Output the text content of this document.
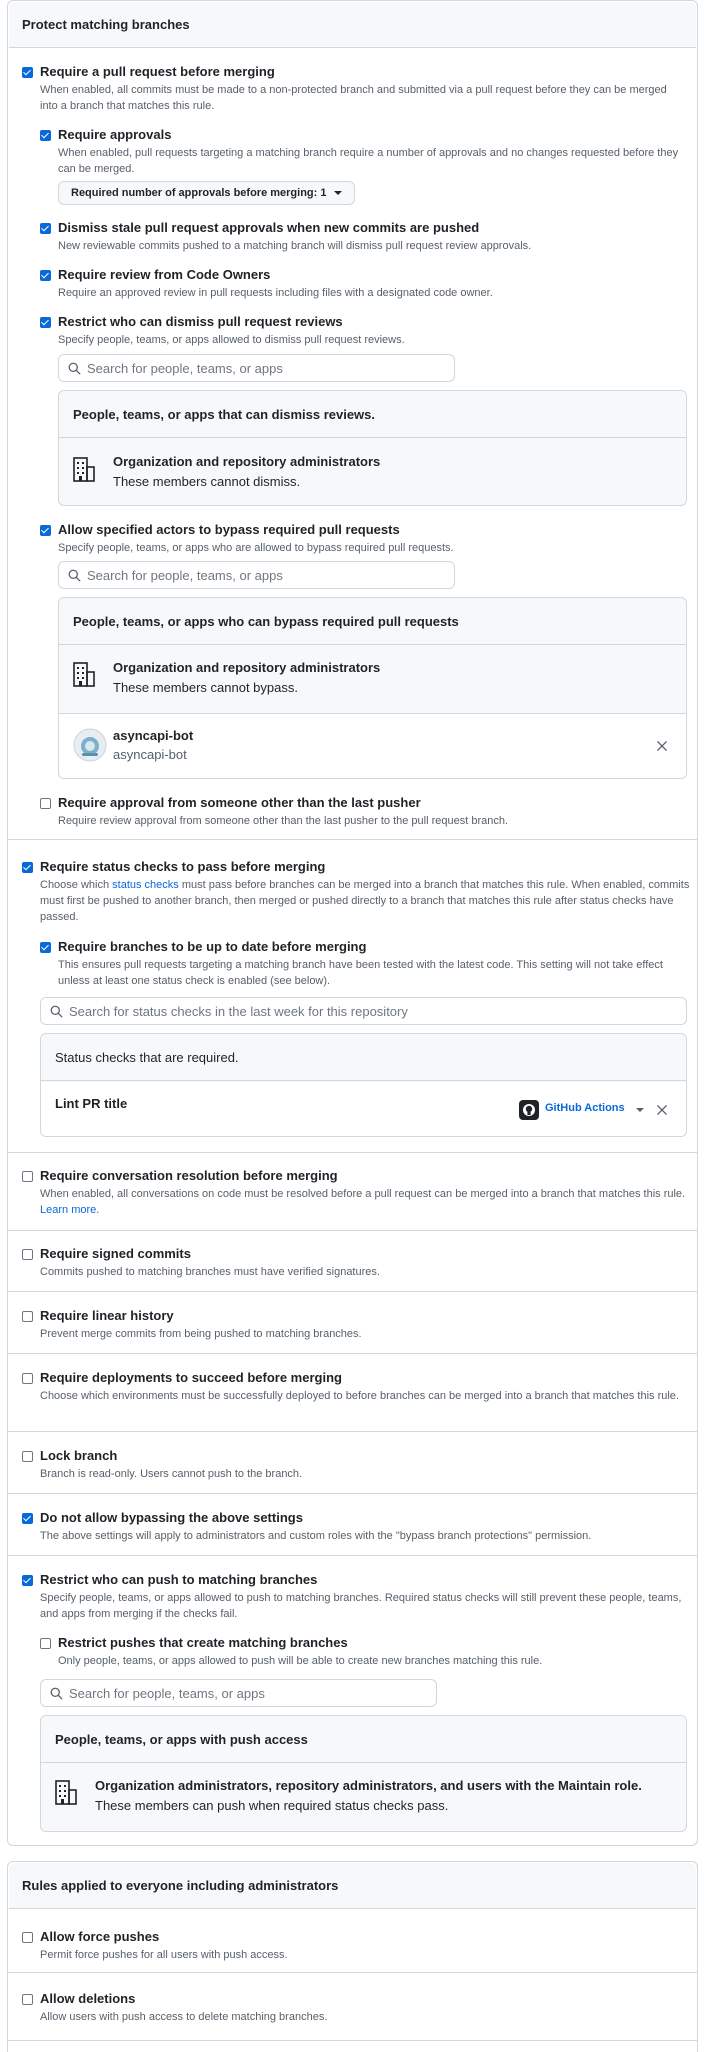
Protect matching branches
Require a pull request before merging
When enabled, all commits must be made to a non-protected branch and submitted via a pull request before they can be merged into a branch that matches this rule.
Require approvals
When enabled, pull requests targeting a matching branch require a number of approvals and no changes requested before they can be merged.
Required number of approvals before merging: 1
Dismiss stale pull request approvals when new commits are pushed
New reviewable commits pushed to a matching branch will dismiss pull request review approvals.
Require review from Code Owners
Require an approved review in pull requests including files with a designated code owner.
Restrict who can dismiss pull request reviews
Specify people, teams, or apps allowed to dismiss pull request reviews.
Search for people, teams, or apps
People, teams, or apps that can dismiss reviews.
Organization and repository administrators
These members cannot dismiss.
Allow specified actors to bypass required pull requests
Specify people, teams, or apps who are allowed to bypass required pull requests.
Search for people, teams, or apps
People, teams, or apps who can bypass required pull requests
Organization and repository administrators
These members cannot bypass.
asyncapi-bot
asyncapi-bot
Require approval from someone other than the last pusher
Require review approval from someone other than the last pusher to the pull request branch.
Require status checks to pass before merging
Choose which status checks must pass before branches can be merged into a branch that matches this rule. When enabled, commits must first be pushed to another branch, then merged or pushed directly to a branch that matches this rule after status checks have passed.
Require branches to be up to date before merging
This ensures pull requests targeting a matching branch have been tested with the latest code. This setting will not take effect unless at least one status check is enabled (see below).
Search for status checks in the last week for this repository
Status checks that are required.
Lint PR title	GitHub Actions
Require conversation resolution before merging
When enabled, all conversations on code must be resolved before a pull request can be merged into a branch that matches this rule. Learn more.
Require signed commits
Commits pushed to matching branches must have verified signatures.
Require linear history
Prevent merge commits from being pushed to matching branches.
Require deployments to succeed before merging
Choose which environments must be successfully deployed to before branches can be merged into a branch that matches this rule.
Lock branch
Branch is read-only. Users cannot push to the branch.
Do not allow bypassing the above settings
The above settings will apply to administrators and custom roles with the "bypass branch protections" permission.
Restrict who can push to matching branches
Specify people, teams, or apps allowed to push to matching branches. Required status checks will still prevent these people, teams, and apps from merging if the checks fail.
Restrict pushes that create matching branches
Only people, teams, or apps allowed to push will be able to create new branches matching this rule.
Search for people, teams, or apps
People, teams, or apps with push access
Organization administrators, repository administrators, and users with the Maintain role.
These members can push when required status checks pass.
Rules applied to everyone including administrators
Allow force pushes
Permit force pushes for all users with push access.
Allow deletions
Allow users with push access to delete matching branches.
